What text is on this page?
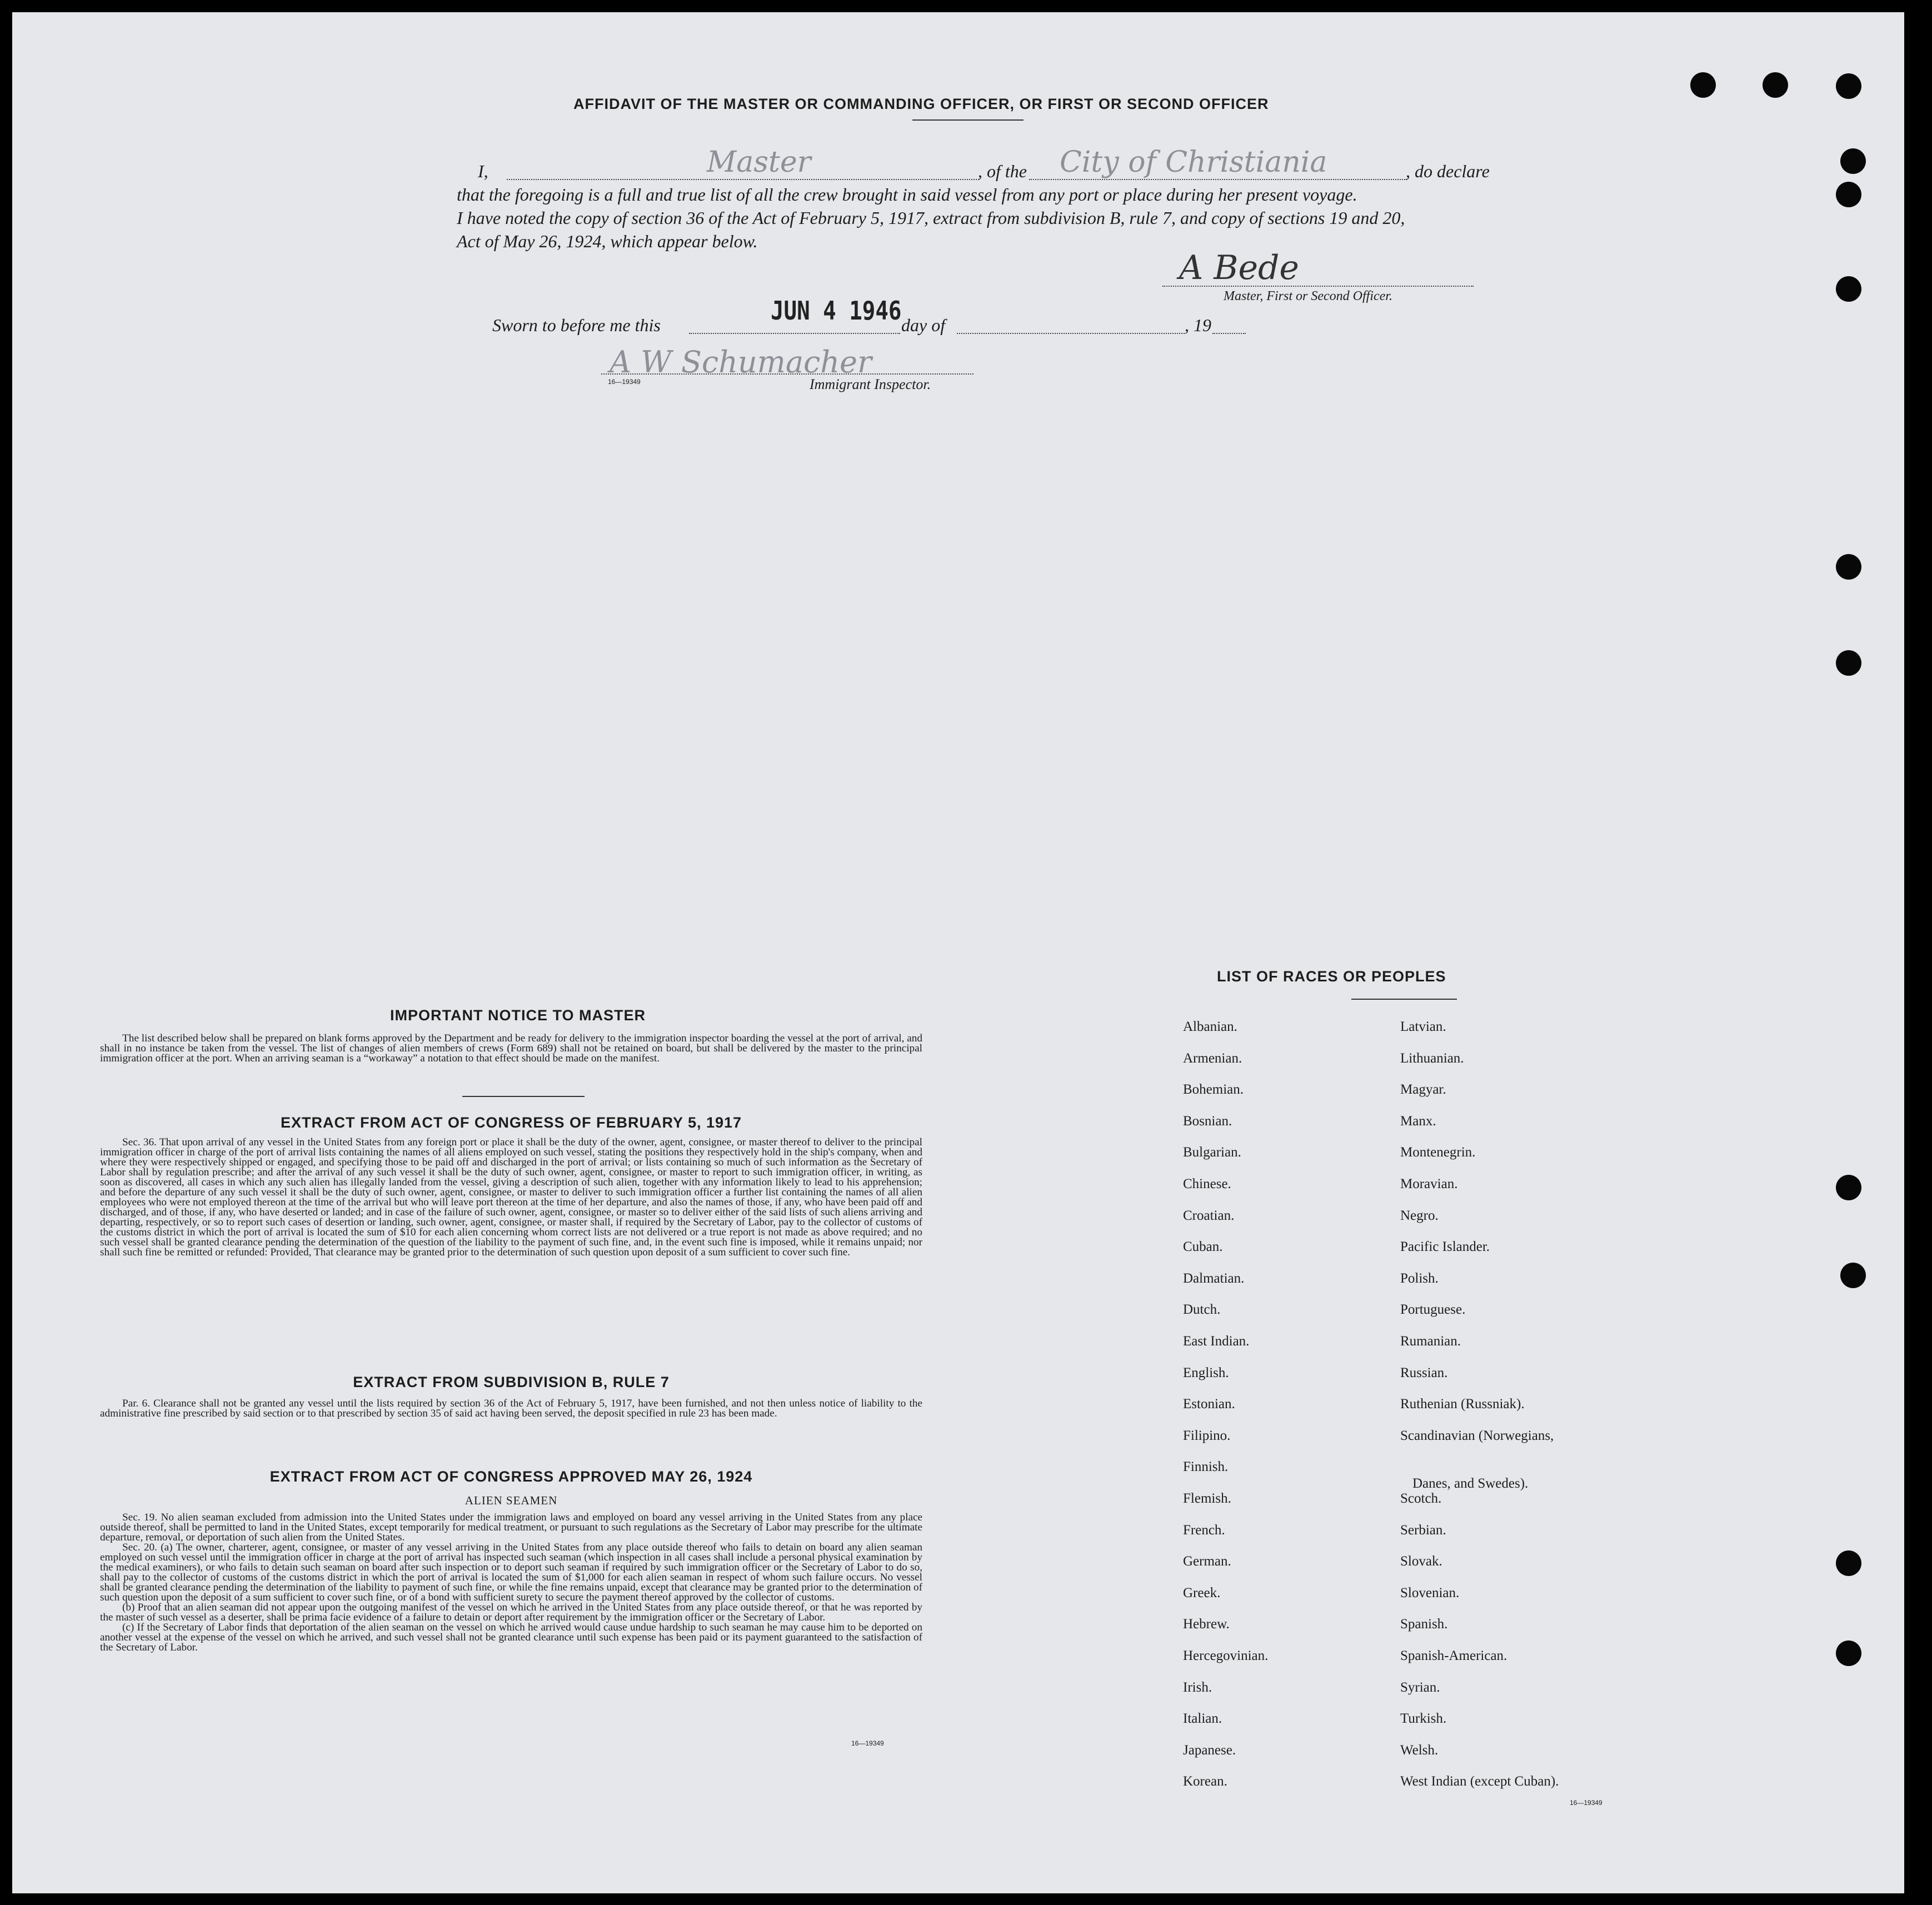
AFFIDAVIT OF THE MASTER OR COMMANDING OFFICER, OR FIRST OR SECOND OFFICER
I,	Master	, of the City of Christiania	, do declare
that the foregoing is a full and true list of all the crew brought in said vessel from any port or place during her present voyage.
I have noted the copy of section 36 of the Act of February 5, 1917, extract from subdivision B, rule 7, and copy of sections 19 and 20,
Act of May 26, 1924, which appear below.
A Bede
Master, First or Second Officer.
Sworn to before me this	JUN 4 1946 day of	, 19
A W Schumacher
16—19349	Immigrant Inspector.
IMPORTANT NOTICE TO MASTER

The list described below shall be prepared on blank forms approved by the Department and be ready for delivery to the immigration inspector boarding the vessel at the port of arrival, and shall in no instance be taken from the vessel. The list of changes of alien members of crews (Form 689) shall not be retained on board, but shall be delivered by the master to the principal immigration officer at the port. When an arriving seaman is a “workaway” a notation to that effect should be made on the manifest.

EXTRACT FROM ACT OF CONGRESS OF FEBRUARY 5, 1917

Sec. 36. That upon arrival of any vessel in the United States from any foreign port or place it shall be the duty of the owner, agent, consignee, or master thereof to deliver to the principal immigration officer in charge of the port of arrival lists containing the names of all aliens employed on such vessel, stating the positions they respectively hold in the ship's company, when and where they were respectively shipped or engaged, and specifying those to be paid off and discharged in the port of arrival; or lists containing so much of such information as the Secretary of Labor shall by regulation prescribe; and after the arrival of any such vessel it shall be the duty of such owner, agent, consignee, or master to report to such immigration officer, in writing, as soon as discovered, all cases in which any such alien has illegally landed from the vessel, giving a description of such alien, together with any information likely to lead to his apprehension; and before the departure of any such vessel it shall be the duty of such owner, agent, consignee, or master to deliver to such immigration officer a further list containing the names of all alien employees who were not employed thereon at the time of the arrival but who will leave port thereon at the time of her departure, and also the names of those, if any, who have been paid off and discharged, and of those, if any, who have deserted or landed; and in case of the failure of such owner, agent, consignee, or master so to deliver either of the said lists of such aliens arriving and departing, respectively, or so to report such cases of desertion or landing, such owner, agent, consignee, or master shall, if required by the Secretary of Labor, pay to the collector of customs of the customs district in which the port of arrival is located the sum of $10 for each alien concerning whom correct lists are not delivered or a true report is not made as above required; and no such vessel shall be granted clearance pending the determination of the question of the liability to the payment of such fine, and, in the event such fine is imposed, while it remains unpaid; nor shall such fine be remitted or refunded: Provided, That clearance may be granted prior to the determination of such question upon deposit of a sum sufficient to cover such fine.

EXTRACT FROM SUBDIVISION B, RULE 7

Par. 6. Clearance shall not be granted any vessel until the lists required by section 36 of the Act of February 5, 1917, have been furnished, and not then unless notice of liability to the administrative fine prescribed by said section or to that prescribed by section 35 of said act having been served, the deposit specified in rule 23 has been made.

EXTRACT FROM ACT OF CONGRESS APPROVED MAY 26, 1924
ALIEN SEAMEN

Sec. 19. No alien seaman excluded from admission into the United States under the immigration laws and employed on board any vessel arriving in the United States from any place outside thereof, shall be permitted to land in the United States, except temporarily for medical treatment, or pursuant to such regulations as the Secretary of Labor may prescribe for the ultimate departure, removal, or deportation of such alien from the United States.

Sec. 20. (a) The owner, charterer, agent, consignee, or master of any vessel arriving in the United States from any place outside thereof who fails to detain on board any alien seaman employed on such vessel until the immigration officer in charge at the port of arrival has inspected such seaman (which inspection in all cases shall include a personal physical examination by the medical examiners), or who fails to detain such seaman on board after such inspection or to deport such seaman if required by such immigration officer or the Secretary of Labor to do so, shall pay to the collector of customs of the customs district in which the port of arrival is located the sum of $1,000 for each alien seaman in respect of whom such failure occurs. No vessel shall be granted clearance pending the determination of the liability to payment of such fine, or while the fine remains unpaid, except that clearance may be granted prior to the determination of such question upon the deposit of a sum sufficient to cover such fine, or of a bond with sufficient surety to secure the payment thereof approved by the collector of customs.

(b) Proof that an alien seaman did not appear upon the outgoing manifest of the vessel on which he arrived in the United States from any place outside thereof, or that he was reported by the master of such vessel as a deserter, shall be prima facie evidence of a failure to detain or deport after requirement by the immigration officer or the Secretary of Labor.

(c) If the Secretary of Labor finds that deportation of the alien seaman on the vessel on which he arrived would cause undue hardship to such seaman he may cause him to be deported on another vessel at the expense of the vessel on which he arrived, and such vessel shall not be granted clearance until such expense has been paid or its payment guaranteed to the satisfaction of the Secretary of Labor.

16—19349
LIST OF RACES OR PEOPLES
Albanian.
Armenian.
Bohemian.
Bosnian.
Bulgarian.
Chinese.
Croatian.
Cuban.
Dalmatian.
Dutch.
East Indian.
English.
Estonian.
Filipino.
Finnish.
Flemish.
French.
German.
Greek.
Hebrew.
Hercegovinian.
Irish.
Italian.
Japanese.
Korean.
Latvian.
Lithuanian.
Magyar.
Manx.
Montenegrin.
Moravian.
Negro.
Pacific Islander.
Polish.
Portuguese.
Rumanian.
Russian.
Ruthenian (Russniak).
Scandinavian (Norwegians,
Danes, and Swedes).
Scotch.
Serbian.
Slovak.
Slovenian.
Spanish.
Spanish-American.
Syrian.
Turkish.
Welsh.
West Indian (except Cuban).
16—19349
